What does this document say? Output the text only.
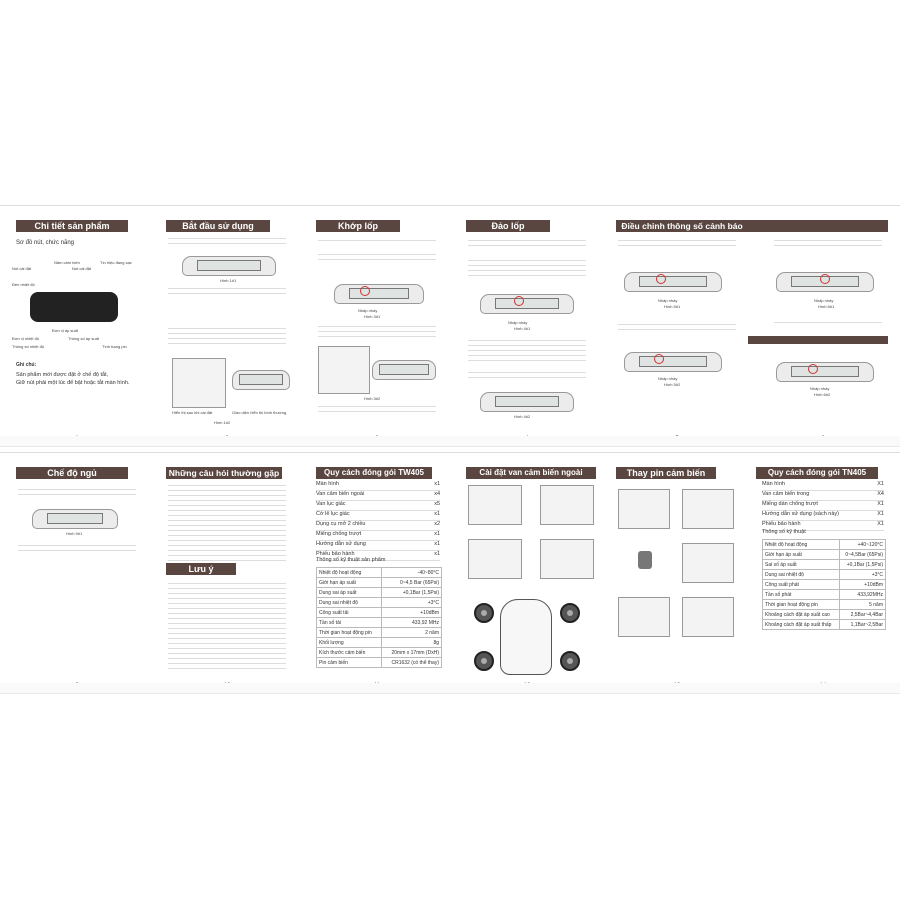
Chi tiết sản phẩm
Sơ đồ nút, chức năng
Nút cài đặt
Năm cảm biến
Nút cài đặt
Tín hiệu đang sạc
Đèn nhiệt độ
Đơn vị áp suất
Thông số áp suất
Đơn vị nhiệt độ
Thông số nhiệt độ	Tình trạng pin
Ghi chú:
Sản phẩm mới được đặt ở chế độ tắt,
Giữ nút phải một lúc để bật hoặc tắt màn hình.
Bắt đầu sử dụng
Hình 1#1
Hiển thị sau khi cài đặt	Giao diện hiển thị bình thường
Hình 1#2
Khớp lốp
Nhấp nháy
Hình 3#1
Hình 3#2
Đảo lốp
Nhấp nháy
Hình 4#1
Hình 4#2
Điều chỉnh thông số cảnh báo
Nhấp nháy
Hình 5#1
Nhấp nháy
Hình 5#2
Nhấp nháy
Hình 6#1
Nhấp nháy
Hình 6#2
Chế độ ngủ
Hình 9#1
Những câu hỏi thường gặp
Lưu ý
Quy cách đóng gói TW405
Màn hình	x1
Van cảm biến ngoài	x4
Van lục giác	x5
Cờ lê lục giác	x1
Dụng cụ mở 2 chiều	x2
Miếng chống trượt	x1
Hướng dẫn sử dụng	x1
Phiếu bảo hành	x1
Thông số kỹ thuật sản phẩm
Nhiệt độ hoạt động	-40~80°C
Giới hạn áp suất	0~4,5 Bar (65Psi)
Dung sai áp suất	+0,1Bar (1,5Psi)
Dung sai nhiệt độ	+3°C
Công suất tải	+10dBm
Tần số tải	433,92 MHz
Thời gian hoạt động pin	2 năm
Khối lượng	8g
Kích thước cảm biến	20mm x 17mm (DxH)
Pin cảm biến	CR1632 (có thể thay)
Cài đặt van cảm biến ngoài	Thay pin cảm biến	Quy cách đóng gói TN405
Màn hình	X1
Van cảm biến trong	X4
Miếng dán chống trượt	X1
Hướng dẫn sử dụng (sách này)	X1
Phiếu bảo hành	X1
Thông số kỹ thuật
Nhiệt độ hoạt động	+40~120°C
Giới hạn áp suất	0~4,5Bar (65Psi)
Sai số áp suất	+0,1Bar (1,5Psi)
Dung sai nhiệt độ	+3°C
Công suất phát	+10dBm
Tần số phát	433,92MHz
Thời gian hoạt động pin	5 năm
Khoảng cách đặt áp suất cao	2,5Bar~4,4Bar
Khoảng cách đặt áp suất thấp	1,1Bar~2,5Bar
